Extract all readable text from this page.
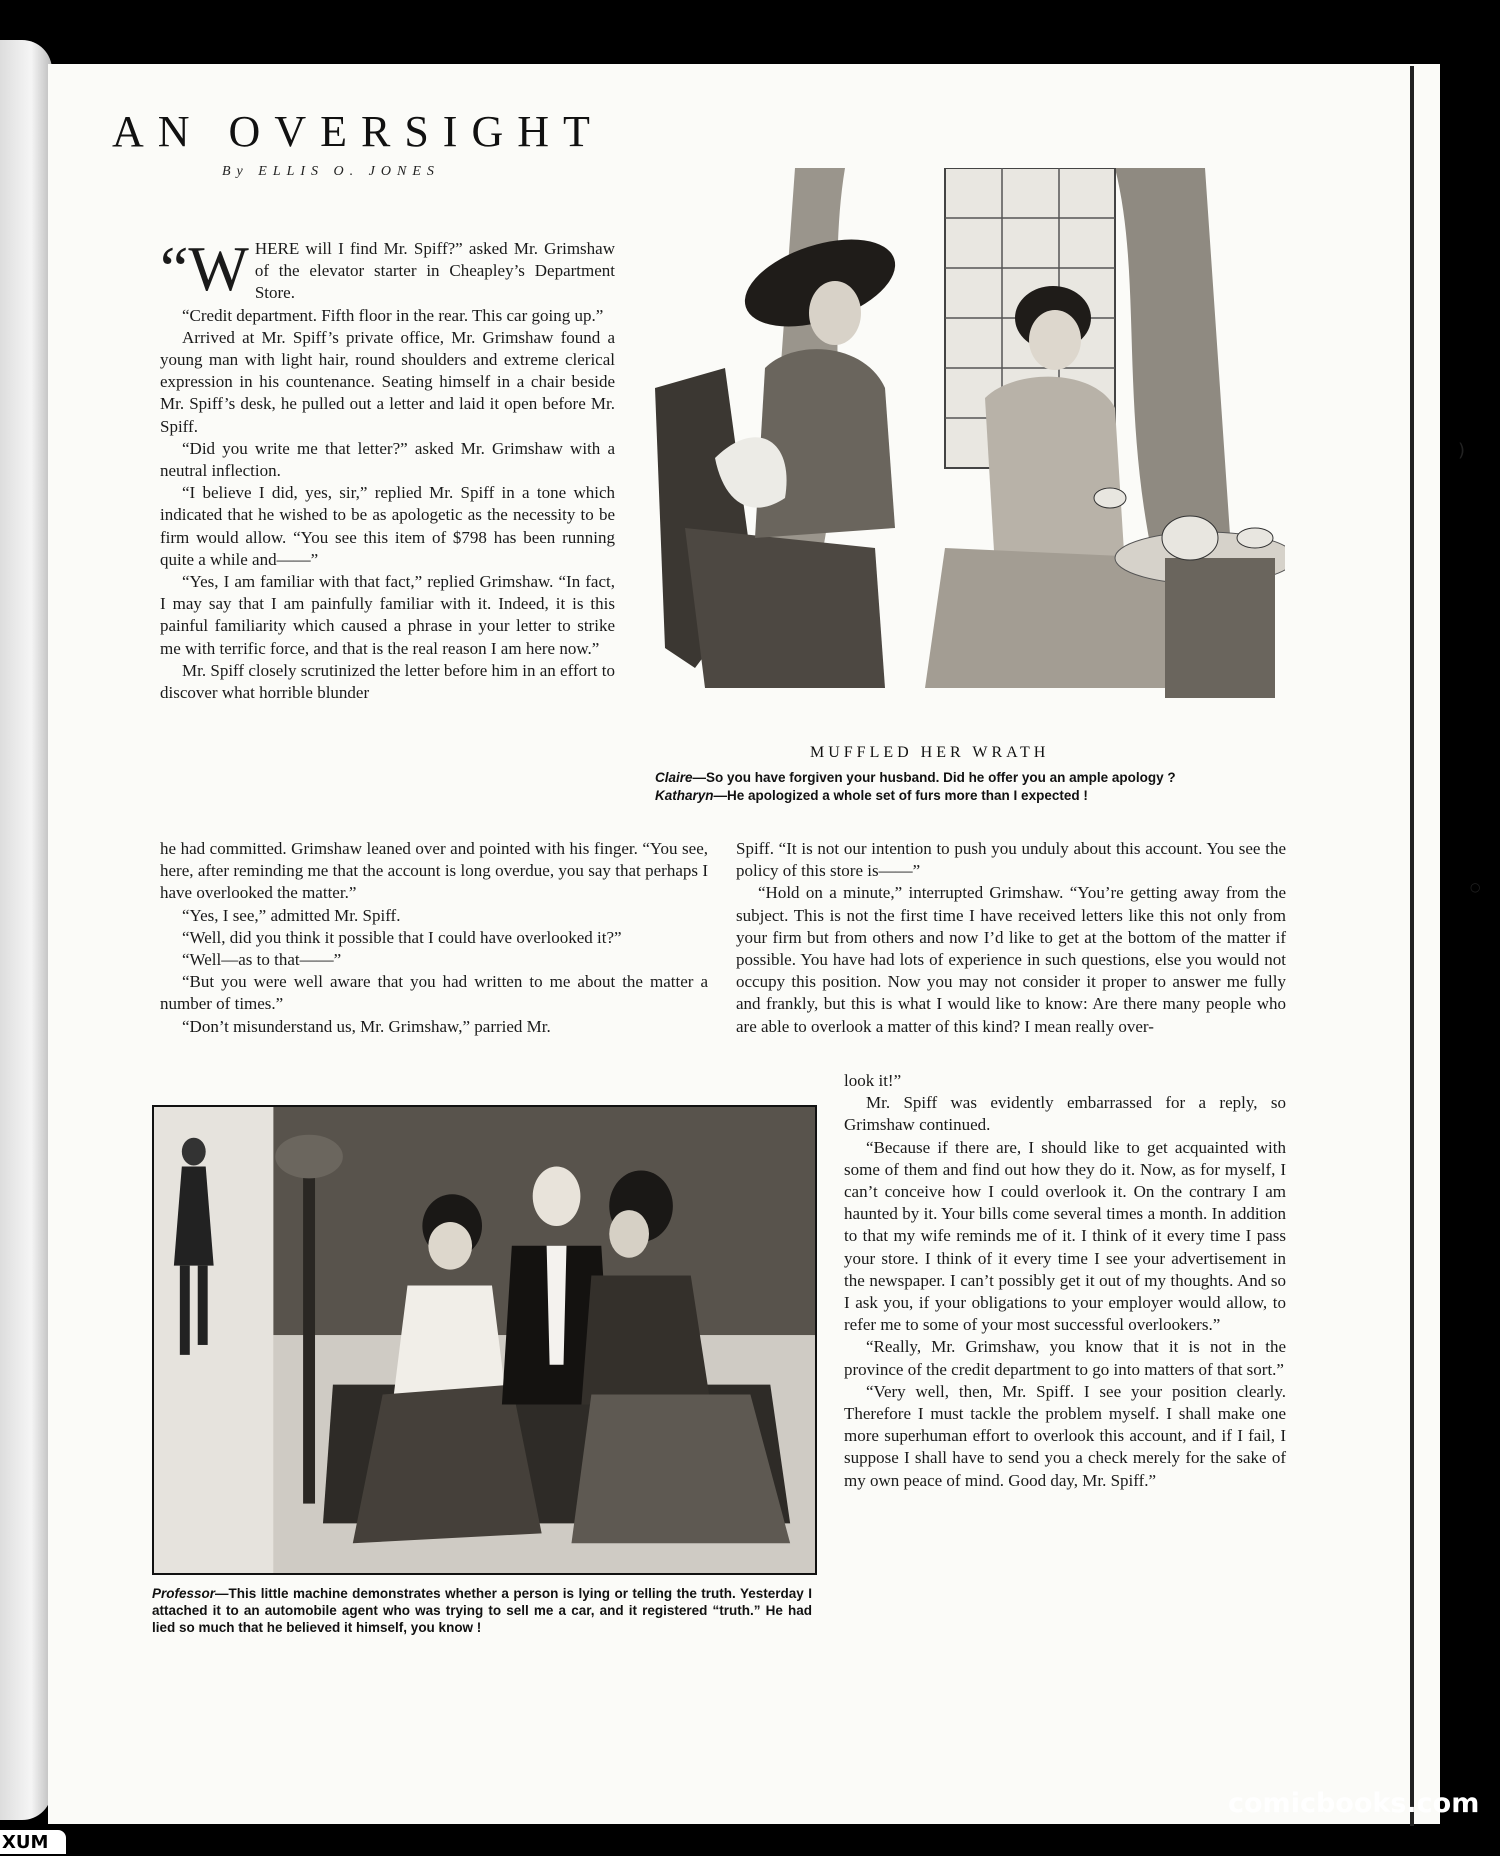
AN OVERSIGHT
By ELLIS O. JONES

“W HERE will I find Mr. Spiff?” asked Mr. Grimshaw of the elevator starter in Cheapley’s Department Store.

“Credit department. Fifth floor in the rear. This car going up.”

Arrived at Mr. Spiff’s private office, Mr. Grimshaw found a young man with light hair, round shoulders and extreme clerical expression in his countenance. Seating himself in a chair beside Mr. Spiff’s desk, he pulled out a letter and laid it open before Mr. Spiff.

“Did you write me that letter?” asked Mr. Grimshaw with a neutral inflection.

“I believe I did, yes, sir,” replied Mr. Spiff in a tone which indicated that he wished to be as apologetic as the necessity to be firm would allow. “You see this item of $798 has been running quite a while and——”

“Yes, I am familiar with that fact,” replied Grimshaw. “In fact, I may say that I am painfully familiar with it. Indeed, it is this painful familiarity which caused a phrase in your letter to strike me with terrific force, and that is the real reason I am here now.”

Mr. Spiff closely scrutinized the letter before him in an effort to discover what horrible blunder

he had committed. Grimshaw leaned over and pointed with his finger. “You see, here, after reminding me that the account is long overdue, you say that perhaps I have overlooked the matter.”

“Yes, I see,” admitted Mr. Spiff.

“Well, did you think it possible that I could have overlooked it?”

“Well—as to that——”

“But you were well aware that you had written to me about the matter a number of times.”

“Don’t misunderstand us, Mr. Grimshaw,” parried Mr.

Spiff. “It is not our intention to push you unduly about this account. You see the policy of this store is——”

“Hold on a minute,” interrupted Grimshaw. “You’re getting away from the subject. This is not the first time I have received letters like this not only from your firm but from others and now I’d like to get at the bottom of the matter if possible. You have had lots of experience in such questions, else you would not occupy this position. Now you may not consider it proper to answer me fully and frankly, but this is what I would like to know: Are there many people who are able to overlook a matter of this kind? I mean really over-

look it!”

Mr. Spiff was evidently embarrassed for a reply, so Grimshaw continued.

“Because if there are, I should like to get acquainted with some of them and find out how they do it. Now, as for myself, I can’t conceive how I could overlook it. On the contrary I am haunted by it. Your bills come several times a month. In addition to that my wife reminds me of it. I think of it every time I pass your store. I think of it every time I see your advertisement in the newspaper. I can’t possibly get it out of my thoughts. And so I ask you, if your obligations to your employer would allow, to refer me to some of your most successful overlookers.”

“Really, Mr. Grimshaw, you know that it is not in the province of the credit department to go into matters of that sort.”

“Very well, then, Mr. Spiff. I see your position clearly. Therefore I must tackle the problem myself. I shall make one more superhuman effort to overlook this account, and if I fail, I suppose I shall have to send you a check merely for the sake of my own peace of mind. Good day, Mr. Spiff.”

MUFFLED HER WRATH
Claire—So you have forgiven your husband. Did he offer you an ample apology ?
Katharyn—He apologized a whole set of furs more than I expected !
Professor—This little machine demonstrates whether a person is lying or telling the truth. Yesterday I attached it to an automobile agent who was trying to sell me a car, and it registered “truth.” He had lied so much that he believed it himself, you know !
)
○
comicbooks.com
XUM
